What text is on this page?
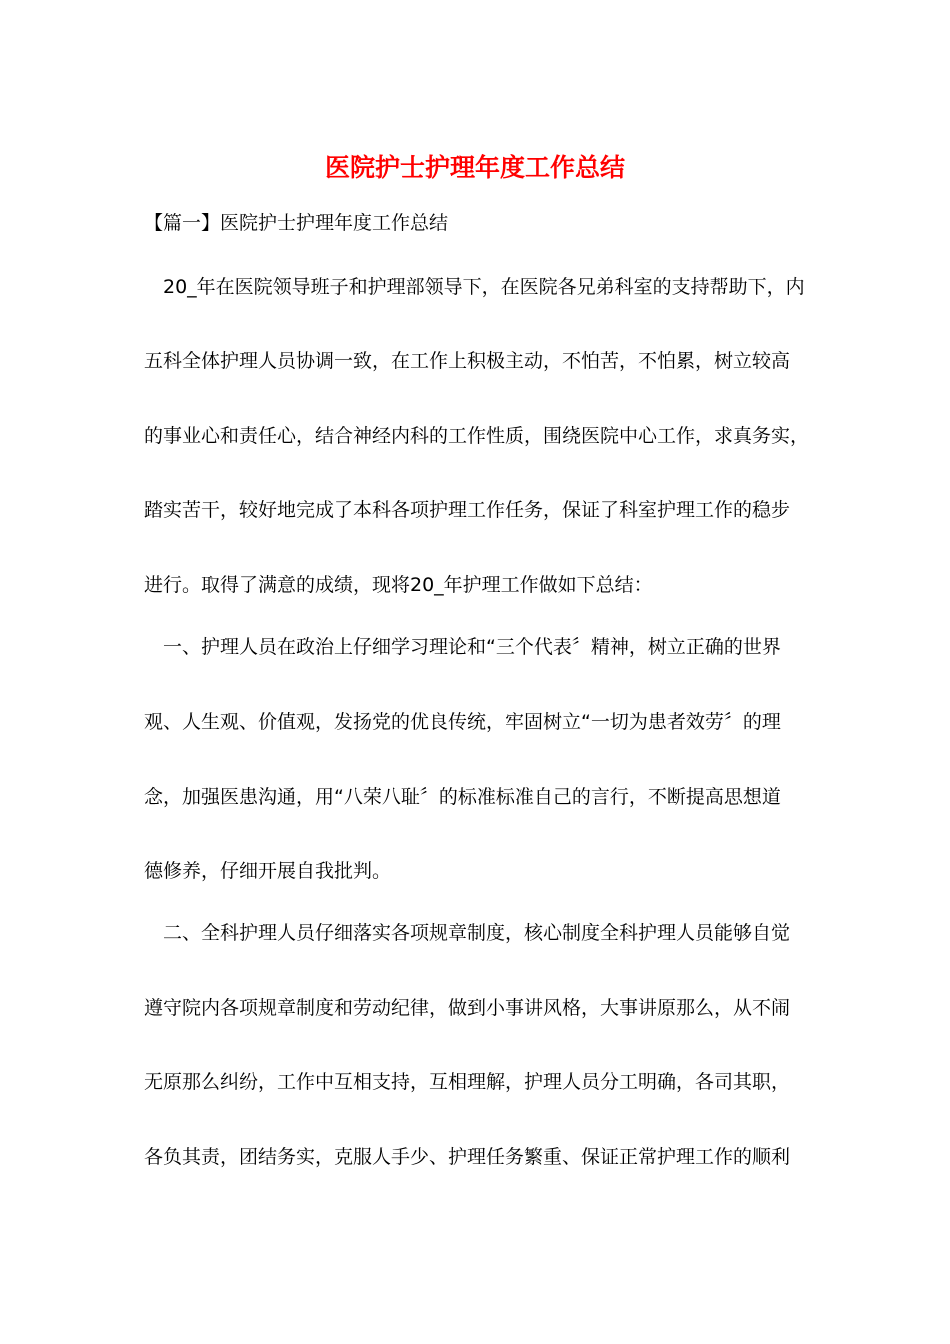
医院护士护理年度工作总结

【篇一】医院护士护理年度工作总结

　20_年在医院领导班子和护理部领导下，在医院各兄弟科室的支持帮助下，内

五科全体护理人员协调一致，在工作上积极主动，不怕苦，不怕累，树立较高

的事业心和责任心，结合神经内科的工作性质，围绕医院中心工作，求真务实，

踏实苦干，较好地完成了本科各项护理工作任务，保证了科室护理工作的稳步

进行。取得了满意的成绩，现将20_年护理工作做如下总结：

　一、护理人员在政治上仔细学习理论和“三个代表〞精神，树立正确的世界

观、人生观、价值观，发扬党的优良传统，牢固树立“一切为患者效劳〞的理

念，加强医患沟通，用“八荣八耻〞的标准标准自己的言行，不断提高思想道

德修养，仔细开展自我批判。

　二、全科护理人员仔细落实各项规章制度，核心制度全科护理人员能够自觉

遵守院内各项规章制度和劳动纪律，做到小事讲风格，大事讲原那么，从不闹

无原那么纠纷，工作中互相支持，互相理解，护理人员分工明确，各司其职，

各负其责，团结务实，克服人手少、护理任务繁重、保证正常护理工作的顺利
